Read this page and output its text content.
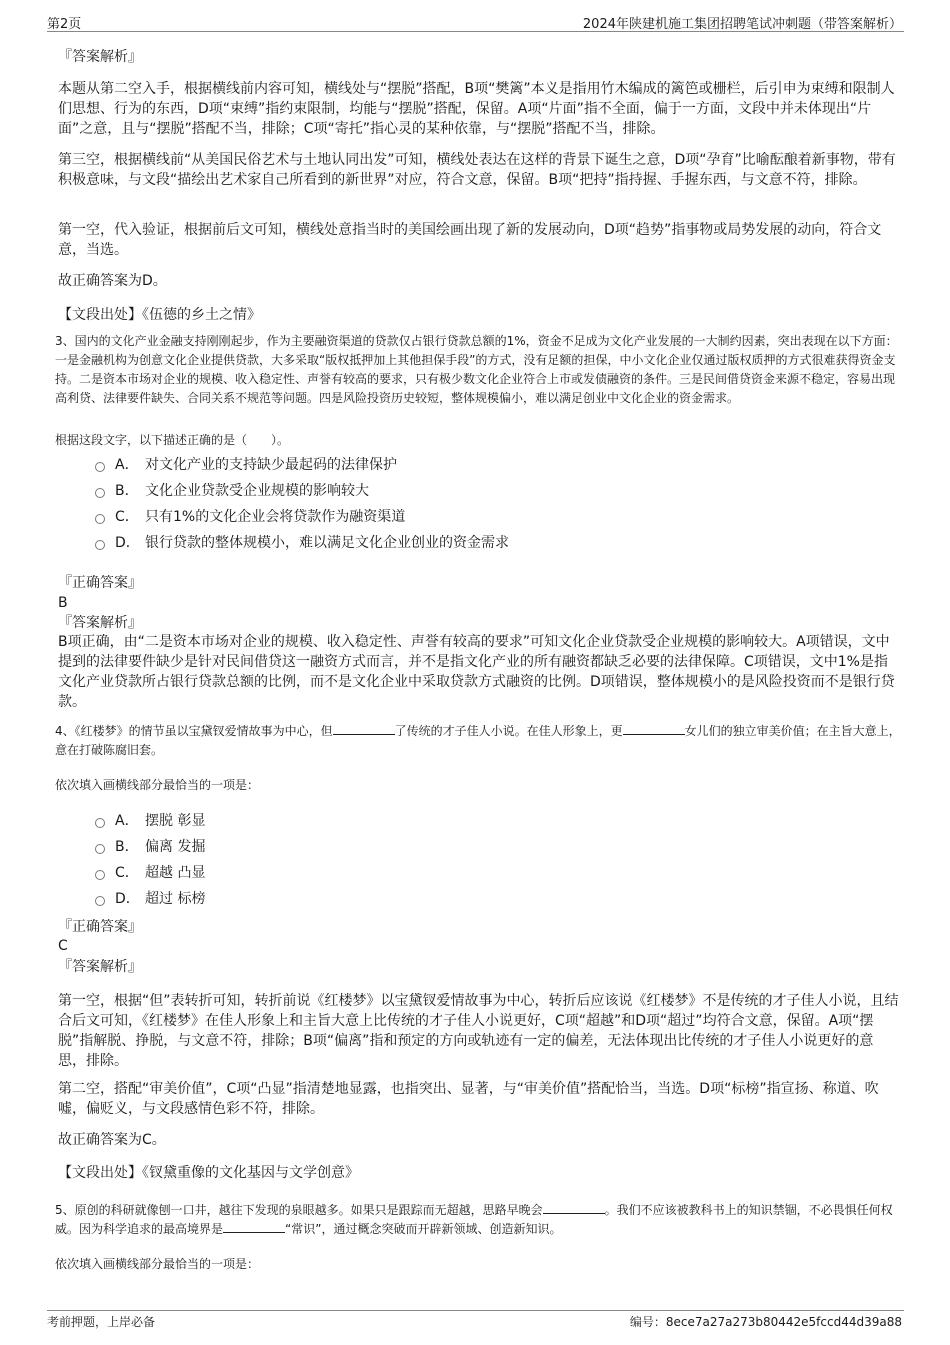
第2页	2024年陕建机施工集团招聘笔试冲刺题（带答案解析）

『答案解析』

本题从第二空入手，根据横线前内容可知，横线处与“摆脱”搭配，B项“樊篱”本义是指用竹木编成的篱笆或栅栏，后引申为束缚和限制人们思想、行为的东西，D项“束缚”指约束限制，均能与“摆脱”搭配，保留。A项“片面”指不全面，偏于一方面，文段中并未体现出“片面”之意，且与“摆脱”搭配不当，排除；C项“寄托”指心灵的某种依靠，与“摆脱”搭配不当，排除。

第三空，根据横线前“从美国民俗艺术与土地认同出发”可知，横线处表达在这样的背景下诞生之意，D项“孕育”比喻酝酿着新事物，带有积极意味，与文段“描绘出艺术家自己所看到的新世界”对应，符合文意，保留。B项“把持”指持握、手握东西，与文意不符，排除。

第一空，代入验证，根据前后文可知，横线处意指当时的美国绘画出现了新的发展动向，D项“趋势”指事物或局势发展的动向，符合文意，当选。

故正确答案为D。

【文段出处】《伍德的乡土之情》

3、国内的文化产业金融支持刚刚起步，作为主要融资渠道的贷款仅占银行贷款总额的1%，资金不足成为文化产业发展的一大制约因素，突出表现在以下方面：一是金融机构为创意文化企业提供贷款，大多采取“版权抵押加上其他担保手段”的方式，没有足额的担保，中小文化企业仅通过版权质押的方式很难获得资金支持。二是资本市场对企业的规模、收入稳定性、声誉有较高的要求，只有极少数文化企业符合上市或发债融资的条件。三是民间借贷资金来源不稳定，容易出现高利贷、法律要件缺失、合同关系不规范等问题。四是风险投资历史较短，整体规模偏小，难以满足创业中文化企业的资金需求。

根据这段文字，以下描述正确的是（　　）。

A． 对文化产业的支持缺少最起码的法律保护
B． 文化企业贷款受企业规模的影响较大
C． 只有1%的文化企业会将贷款作为融资渠道
D． 银行贷款的整体规模小，难以满足文化企业创业的资金需求

『正确答案』

B

『答案解析』

B项正确，由“二是资本市场对企业的规模、收入稳定性、声誉有较高的要求”可知文化企业贷款受企业规模的影响较大。A项错误，文中提到的法律要件缺少是针对民间借贷这一融资方式而言，并不是指文化产业的所有融资都缺乏必要的法律保障。C项错误，文中1%是指文化产业贷款所占银行贷款总额的比例，而不是文化企业中采取贷款方式融资的比例。D项错误，整体规模小的是风险投资而不是银行贷款。

4、《红楼梦》的情节虽以宝黛钗爱情故事为中心，但	了传统的才子佳人小说。在佳人形象上，更	女儿们的独立审美价值；在主旨大意上，意在打破陈腐旧套。

依次填入画横线部分最恰当的一项是：

A． 摆脱 彰显
B． 偏离 发掘
C． 超越 凸显
D． 超过 标榜

『正确答案』

C

『答案解析』

第一空，根据“但”表转折可知，转折前说《红楼梦》以宝黛钗爱情故事为中心，转折后应该说《红楼梦》不是传统的才子佳人小说，且结合后文可知，《红楼梦》在佳人形象上和主旨大意上比传统的才子佳人小说更好，C项“超越”和D项“超过”均符合文意，保留。A项“摆脱”指解脱、挣脱，与文意不符，排除；B项“偏离”指和预定的方向或轨迹有一定的偏差，无法体现出比传统的才子佳人小说更好的意思，排除。

第二空，搭配“审美价值”，C项“凸显”指清楚地显露，也指突出、显著，与“审美价值”搭配恰当，当选。D项“标榜”指宣扬、称道、吹嘘，偏贬义，与文段感情色彩不符，排除。

故正确答案为C。

【文段出处】《钗黛重像的文化基因与文学创意》

5、原创的科研就像刨一口井，越往下发现的泉眼越多。如果只是跟踪而无超越，思路早晚会	。我们不应该被教科书上的知识禁锢，不必畏惧任何权威。因为科学追求的最高境界是	“常识”，通过概念突破而开辟新领域、创造新知识。

依次填入画横线部分最恰当的一项是：

考前押题，上岸必备	编号：8ece7a27a273b80442e5fccd44d39a88
